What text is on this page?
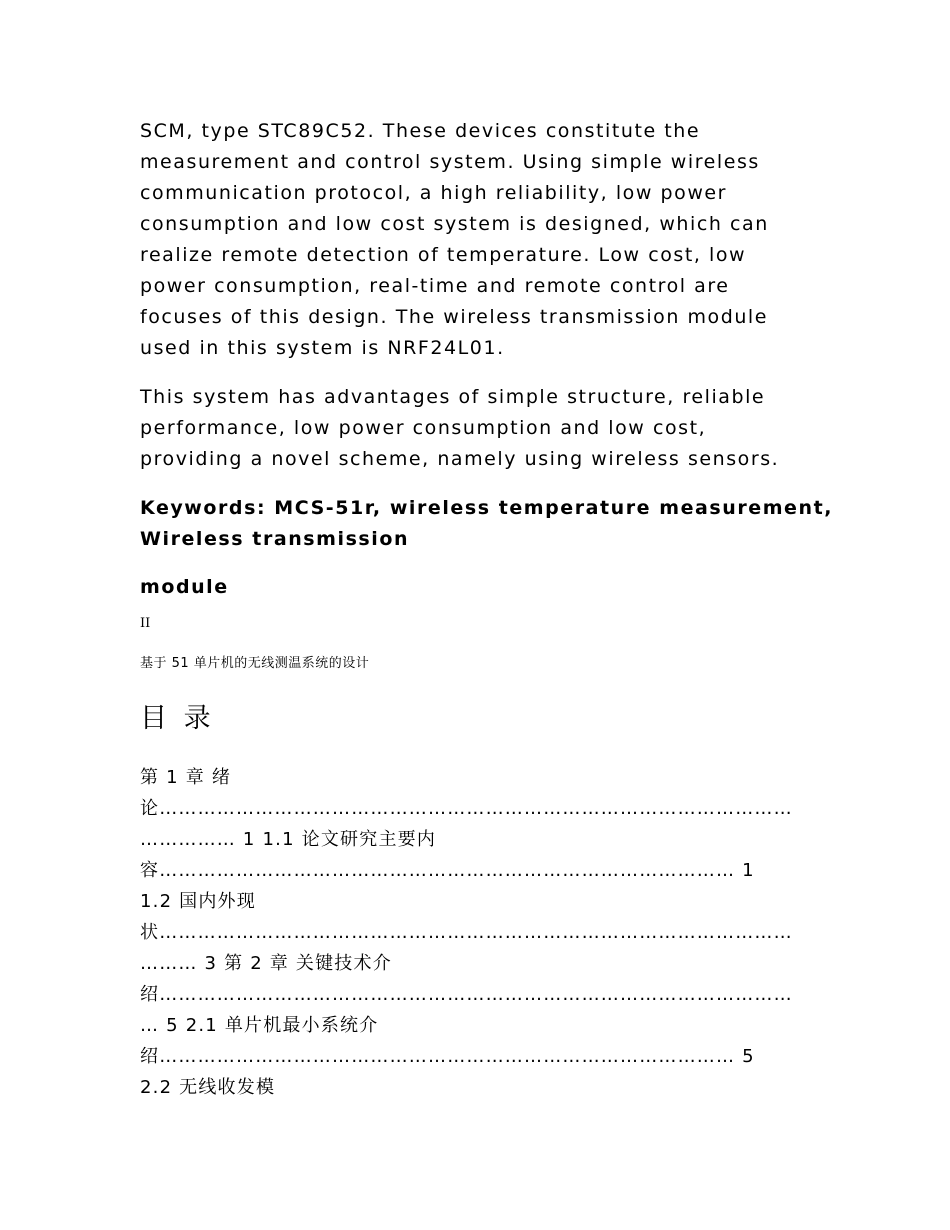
SCM, type STC89C52. These devices constitute the
measurement and control system. Using simple wireless
communication protocol, a high reliability, low power
consumption and low cost system is designed, which can
realize remote detection of temperature. Low cost, low
power consumption, real-time and remote control are
focuses of this design. The wireless transmission module
used in this system is NRF24L01.
This system has advantages of simple structure, reliable
performance, low power consumption and low cost,
providing a novel scheme, namely using wireless sensors.
Keywords: MCS-51r, wireless temperature measurement,
Wireless transmission
module
II
基于 51 单片机的无线测温系统的设计
目 录
第 1 章 绪
论………………………………………………………………………………………
…………… 1 1.1 论文研究主要内
容……………………………………………………………………………… 1
1.2 国内外现
状………………………………………………………………………………………
……… 3 第 2 章 关键技术介
绍………………………………………………………………………………………
… 5 2.1 单片机最小系统介
绍……………………………………………………………………………… 5
2.2 无线收发模
